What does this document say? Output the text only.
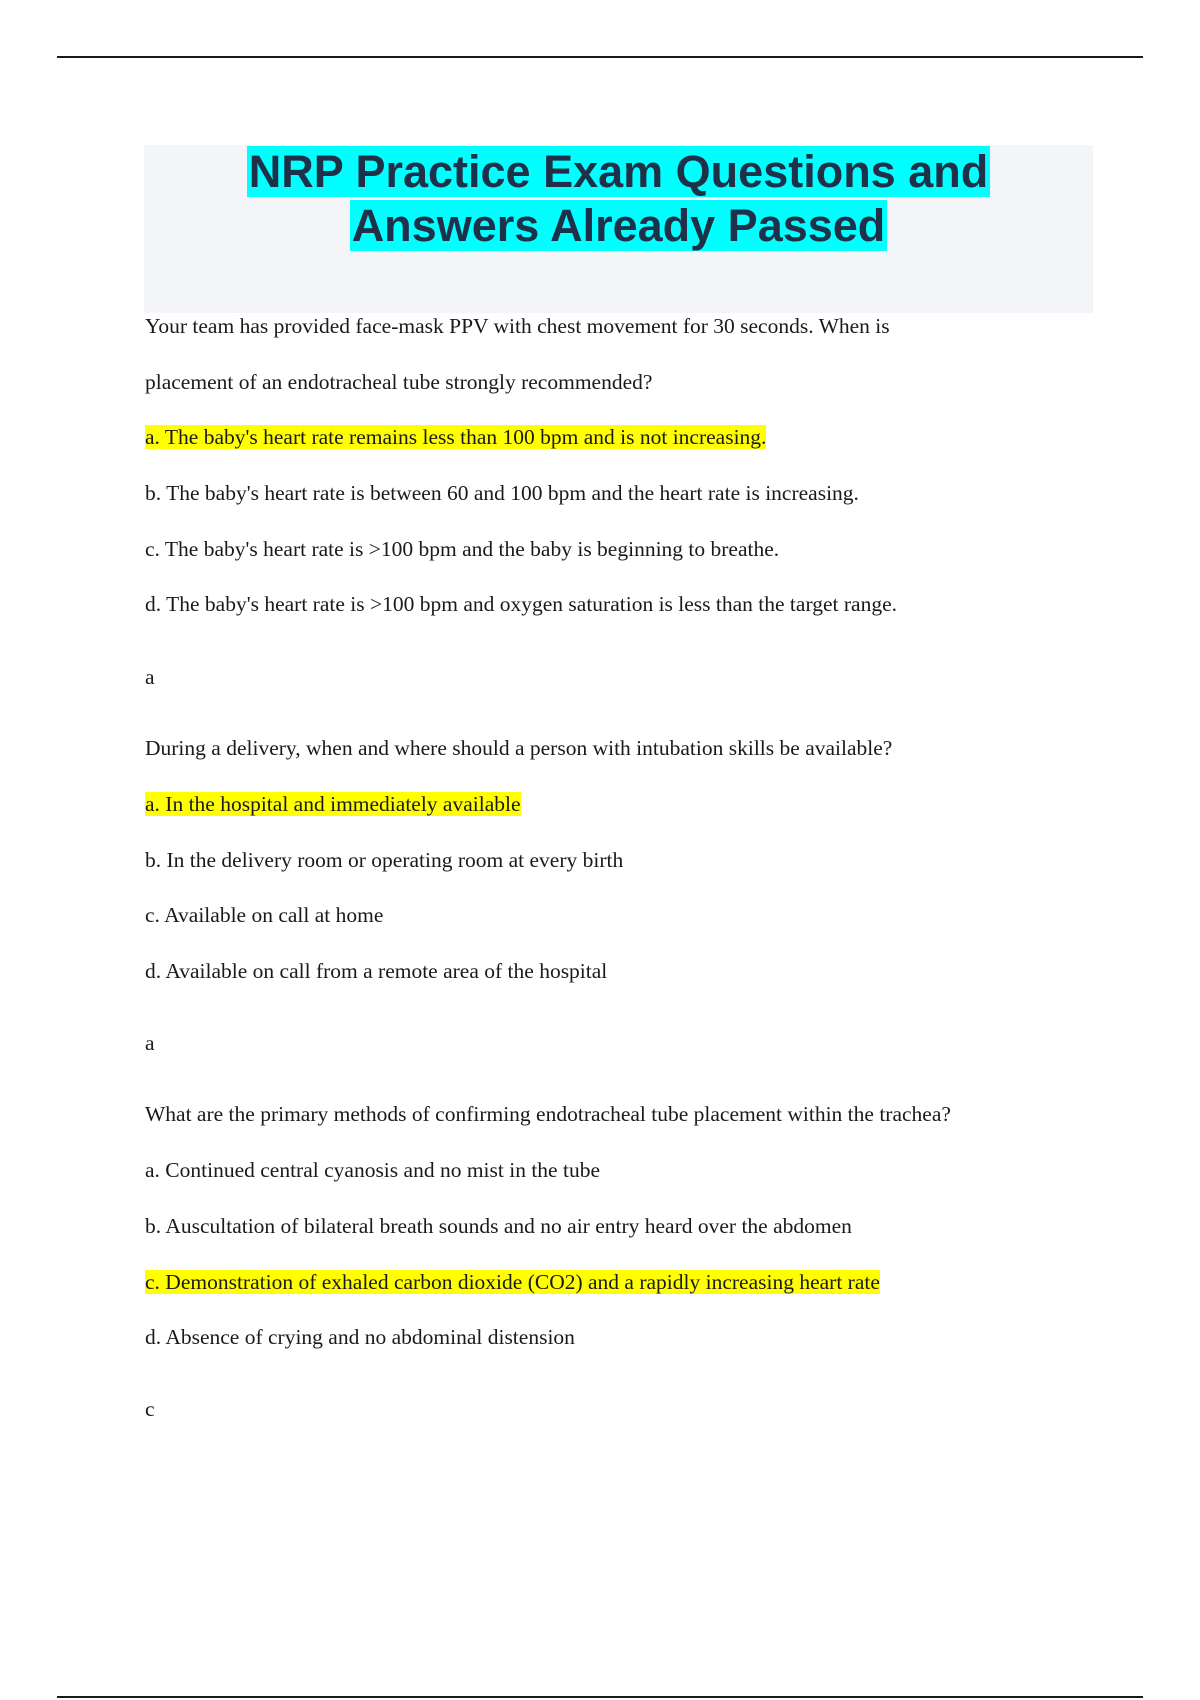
NRP Practice Exam Questions and
Answers Already Passed
Your team has provided face-mask PPV with chest movement for 30 seconds. When is
placement of an endotracheal tube strongly recommended?
a. The baby's heart rate remains less than 100 bpm and is not increasing.
b. The baby's heart rate is between 60 and 100 bpm and the heart rate is increasing.
c. The baby's heart rate is >100 bpm and the baby is beginning to breathe.
d. The baby's heart rate is >100 bpm and oxygen saturation is less than the target range.
a
During a delivery, when and where should a person with intubation skills be available?
a. In the hospital and immediately available
b. In the delivery room or operating room at every birth
c. Available on call at home
d. Available on call from a remote area of the hospital
a
What are the primary methods of confirming endotracheal tube placement within the trachea?
a. Continued central cyanosis and no mist in the tube
b. Auscultation of bilateral breath sounds and no air entry heard over the abdomen
c. Demonstration of exhaled carbon dioxide (CO2) and a rapidly increasing heart rate
d. Absence of crying and no abdominal distension
c
